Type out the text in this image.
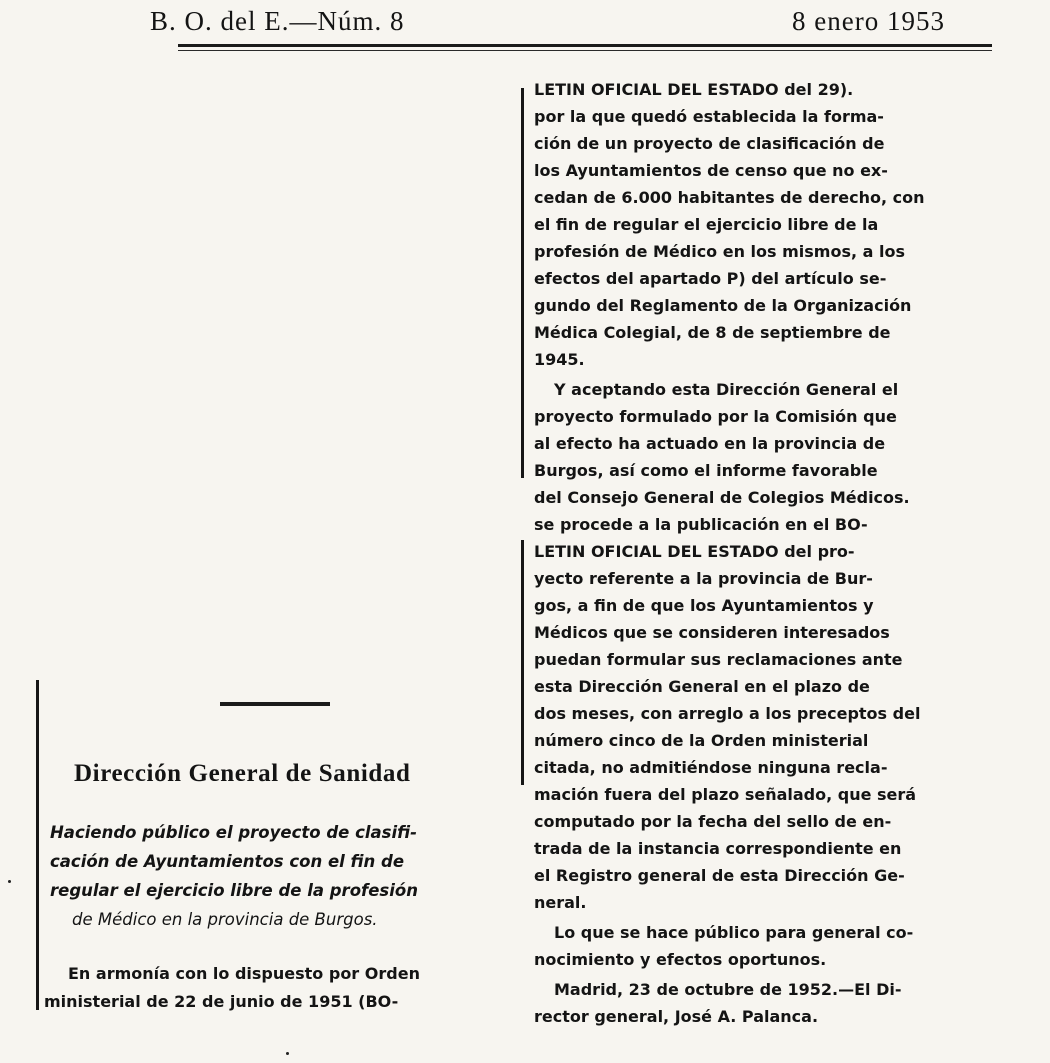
B. O. del E.—Núm. 8	8 enero 1953
Dirección General de Sanidad
Haciendo público el proyecto de clasifi-
cación de Ayuntamientos con el fin de
regular el ejercicio libre de la profesión
de Médico en la provincia de Burgos.
En armonía con lo dispuesto por Orden
ministerial de 22 de junio de 1951 (BO-
LETIN OFICIAL DEL ESTADO del 29).
por la que quedó establecida la forma-
ción de un proyecto de clasificación de
los Ayuntamientos de censo que no ex-
cedan de 6.000 habitantes de derecho, con
el fin de regular el ejercicio libre de la
profesión de Médico en los mismos, a los
efectos del apartado P) del artículo se-
gundo del Reglamento de la Organización
Médica Colegial, de 8 de septiembre de
1945.
Y aceptando esta Dirección General el
proyecto formulado por la Comisión que
al efecto ha actuado en la provincia de
Burgos, así como el informe favorable
del Consejo General de Colegios Médicos.
se procede a la publicación en el BO-
LETIN OFICIAL DEL ESTADO del pro-
yecto referente a la provincia de Bur-
gos, a fin de que los Ayuntamientos y
Médicos que se consideren interesados
puedan formular sus reclamaciones ante
esta Dirección General en el plazo de
dos meses, con arreglo a los preceptos del
número cinco de la Orden ministerial
citada, no admitiéndose ninguna recla-
mación fuera del plazo señalado, que será
computado por la fecha del sello de en-
trada de la instancia correspondiente en
el Registro general de esta Dirección Ge-
neral.
Lo que se hace público para general co-
nocimiento y efectos oportunos.
Madrid, 23 de octubre de 1952.—El Di-
rector general, José A. Palanca.
